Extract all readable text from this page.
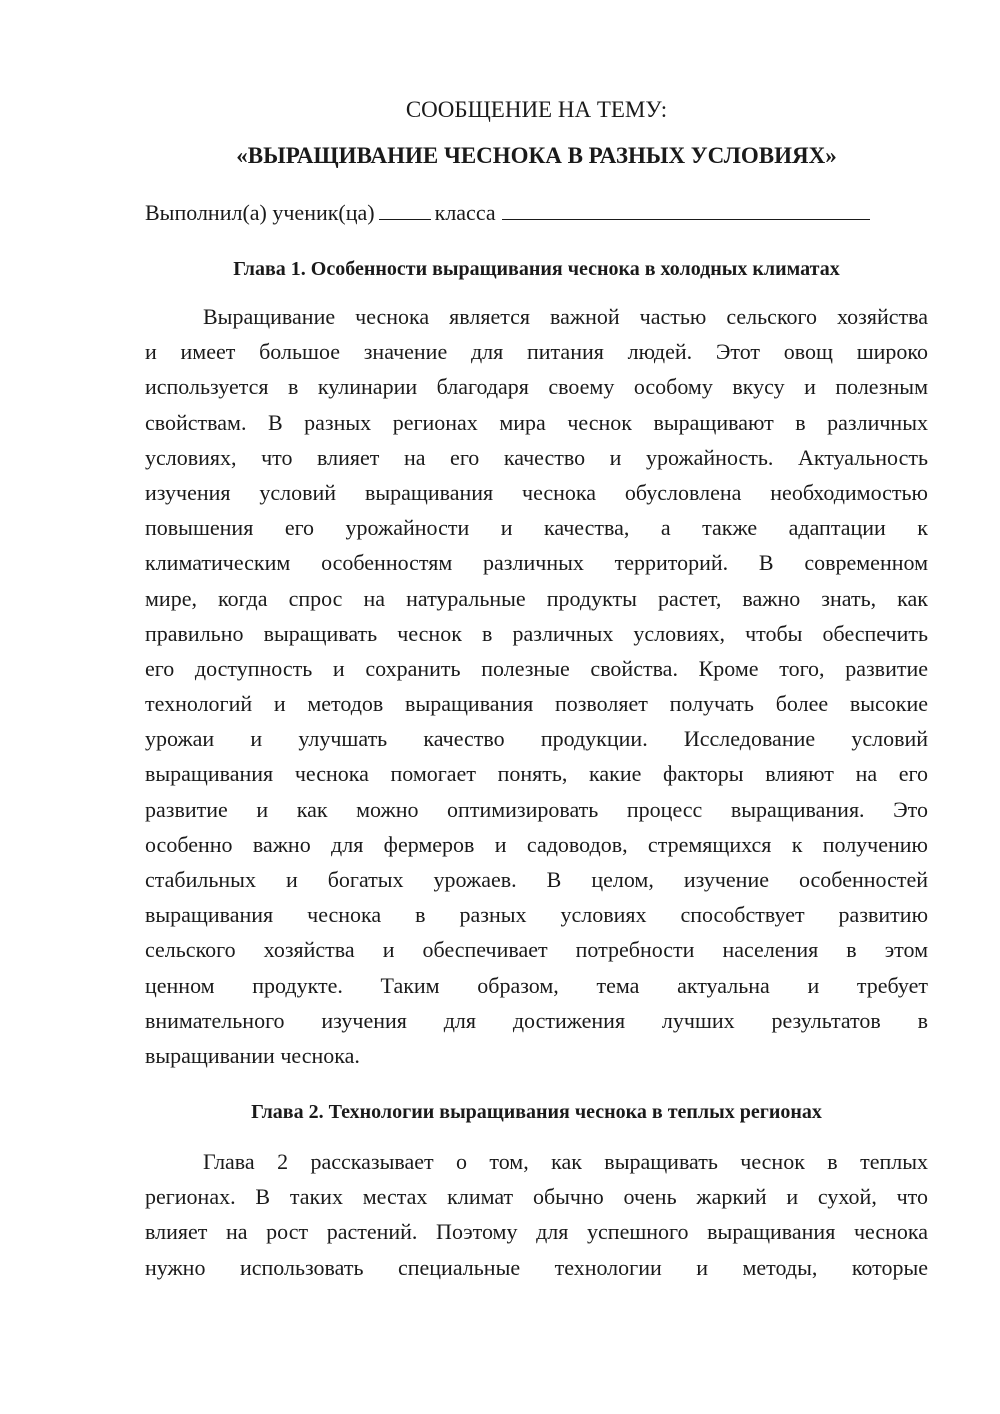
СООБЩЕНИЕ НА ТЕМУ:
«ВЫРАЩИВАНИЕ ЧЕСНОКА В РАЗНЫХ УСЛОВИЯХ»
Выполнил(а) ученик(ца)	класса
Глава 1. Особенности выращивания чеснока в холодных климатах
Выращивание чеснока является важной частью сельского хозяйства
и имеет большое значение для питания людей. Этот овощ широко
используется в кулинарии благодаря своему особому вкусу и полезным
свойствам. В разных регионах мира чеснок выращивают в различных
условиях, что влияет на его качество и урожайность. Актуальность
изучения условий выращивания чеснока обусловлена необходимостью
повышения его урожайности и качества, а также адаптации к
климатическим особенностям различных территорий. В современном
мире, когда спрос на натуральные продукты растет, важно знать, как
правильно выращивать чеснок в различных условиях, чтобы обеспечить
его доступность и сохранить полезные свойства. Кроме того, развитие
технологий и методов выращивания позволяет получать более высокие
урожаи и улучшать качество продукции. Исследование условий
выращивания чеснока помогает понять, какие факторы влияют на его
развитие и как можно оптимизировать процесс выращивания. Это
особенно важно для фермеров и садоводов, стремящихся к получению
стабильных и богатых урожаев. В целом, изучение особенностей
выращивания чеснока в разных условиях способствует развитию
сельского хозяйства и обеспечивает потребности населения в этом
ценном продукте. Таким образом, тема актуальна и требует
внимательного изучения для достижения лучших результатов в
выращивании чеснока.
Глава 2. Технологии выращивания чеснока в теплых регионах
Глава 2 рассказывает о том, как выращивать чеснок в теплых
регионах. В таких местах климат обычно очень жаркий и сухой, что
влияет на рост растений. Поэтому для успешного выращивания чеснока
нужно использовать специальные технологии и методы, которые
